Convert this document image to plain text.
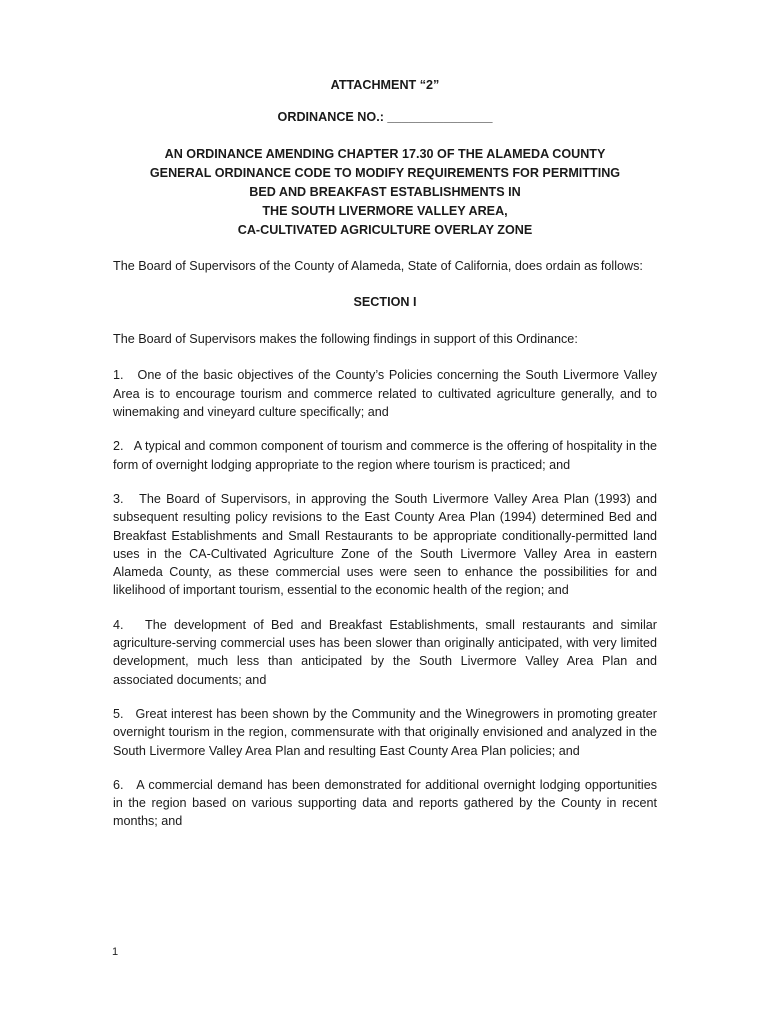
ATTACHMENT “2”
ORDINANCE NO.: _______________
AN ORDINANCE AMENDING CHAPTER 17.30 OF THE ALAMEDA COUNTY
GENERAL ORDINANCE CODE TO MODIFY REQUIREMENTS FOR PERMITTING
BED AND BREAKFAST ESTABLISHMENTS IN
THE SOUTH LIVERMORE VALLEY AREA,
CA-CULTIVATED AGRICULTURE OVERLAY ZONE

The Board of Supervisors of the County of Alameda, State of California, does ordain as follows:

SECTION I

The Board of Supervisors makes the following findings in support of this Ordinance:

1. One of the basic objectives of the County’s Policies concerning the South Livermore Valley Area is to encourage tourism and commerce related to cultivated agriculture generally, and to winemaking and vineyard culture specifically; and

2. A typical and common component of tourism and commerce is the offering of hospitality in the form of overnight lodging appropriate to the region where tourism is practiced; and

3. The Board of Supervisors, in approving the South Livermore Valley Area Plan (1993) and subsequent resulting policy revisions to the East County Area Plan (1994) determined Bed and Breakfast Establishments and Small Restaurants to be appropriate conditionally-permitted land uses in the CA-Cultivated Agriculture Zone of the South Livermore Valley Area in eastern Alameda County, as these commercial uses were seen to enhance the possibilities for and likelihood of important tourism, essential to the economic health of the region; and

4. The development of Bed and Breakfast Establishments, small restaurants and similar agriculture-serving commercial uses has been slower than originally anticipated, with very limited development, much less than anticipated by the South Livermore Valley Area Plan and associated documents; and

5. Great interest has been shown by the Community and the Winegrowers in promoting greater overnight tourism in the region, commensurate with that originally envisioned and analyzed in the South Livermore Valley Area Plan and resulting East County Area Plan policies; and

6. A commercial demand has been demonstrated for additional overnight lodging opportunities in the region based on various supporting data and reports gathered by the County in recent months; and

1
